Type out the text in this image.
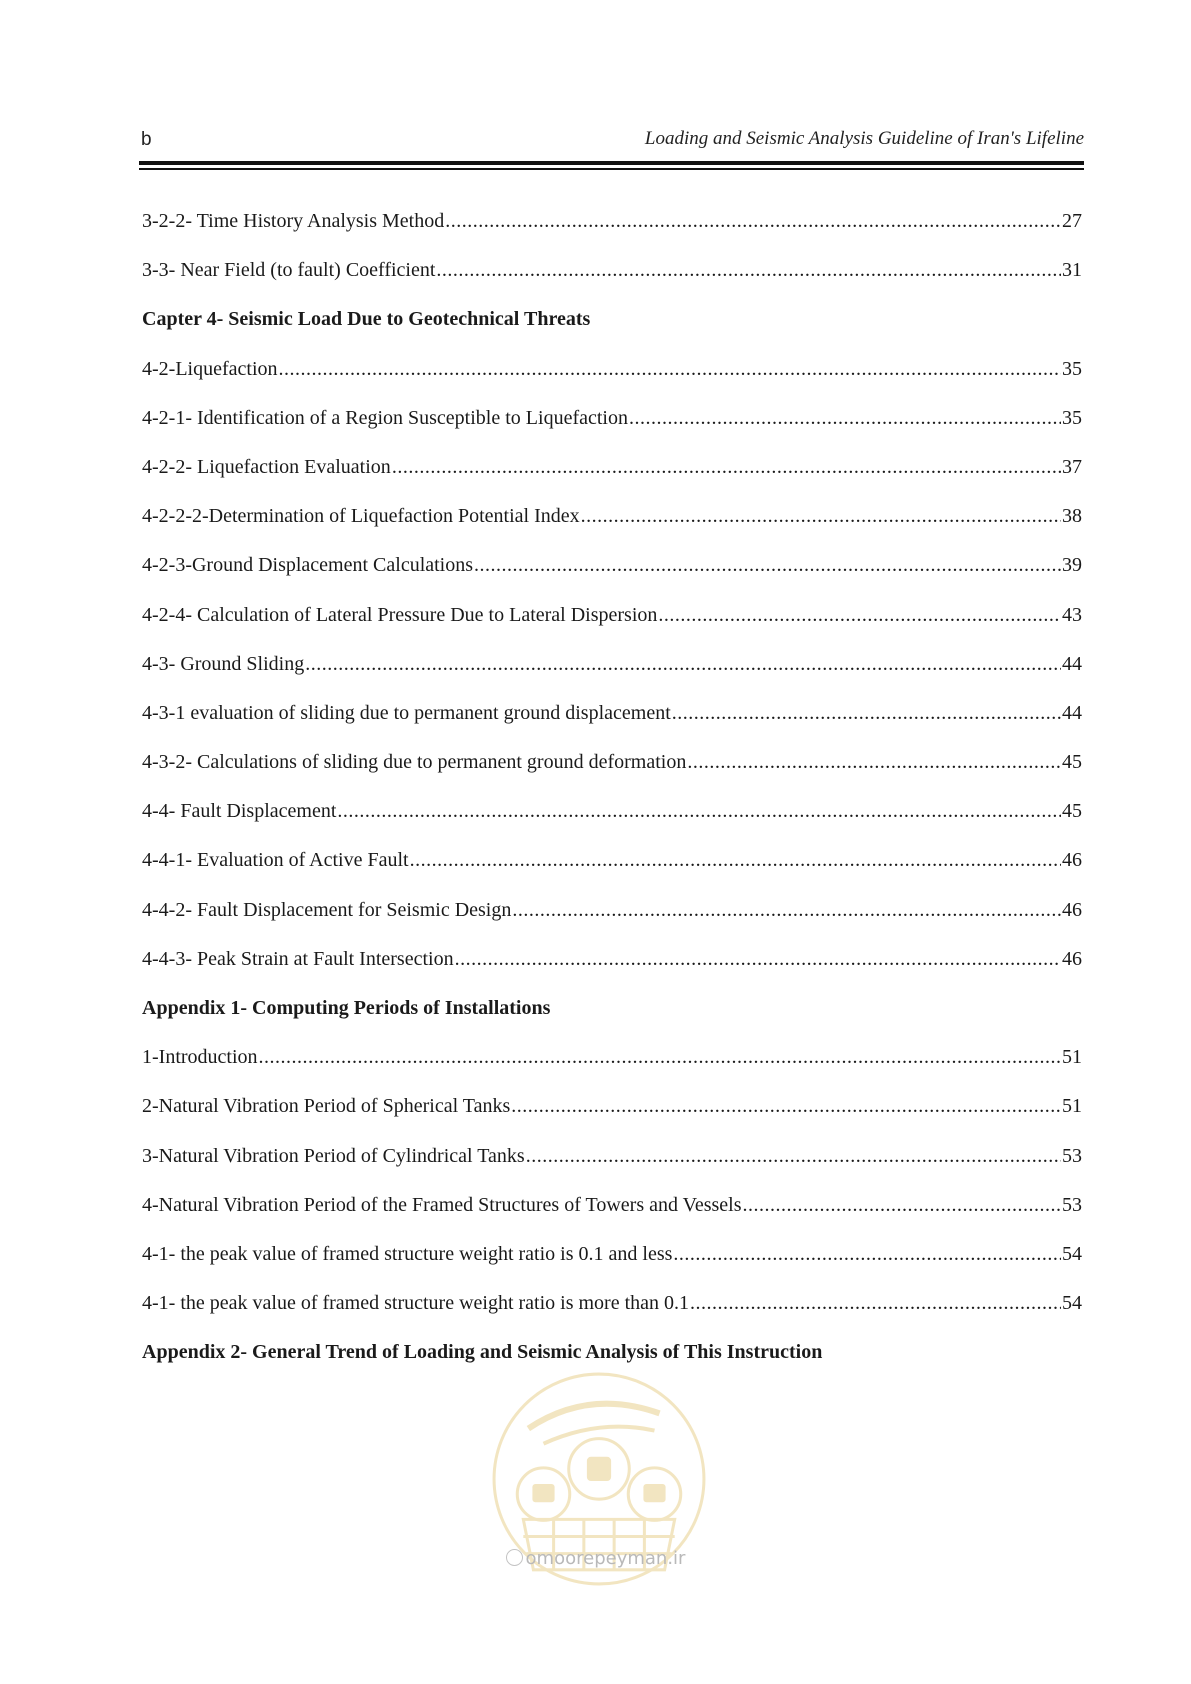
b	Loading and Seismic Analysis Guideline of Iran's Lifeline
3-2-2- Time History Analysis Method .....	27
3-3- Near Field (to fault) Coefficient .....	31
Capter 4- Seismic Load Due to Geotechnical Threats
4-2-Liquefaction .....	35
4-2-1- Identification of a Region Susceptible to Liquefaction .....	35
4-2-2- Liquefaction Evaluation .....	37
4-2-2-2-Determination of Liquefaction Potential Index .....	38
4-2-3-Ground Displacement Calculations .....	39
4-2-4- Calculation of Lateral Pressure Due to Lateral Dispersion .....	43
4-3- Ground Sliding .....	44
4-3-1 evaluation of sliding due to permanent ground displacement .....	44
4-3-2- Calculations of sliding due to permanent ground deformation .....	45
4-4- Fault Displacement .....	45
4-4-1- Evaluation of Active Fault .....	46
4-4-2- Fault Displacement for Seismic Design .....	46
4-4-3- Peak Strain at Fault Intersection .....	46
Appendix 1- Computing Periods of Installations
1-Introduction .....	51
2-Natural Vibration Period of Spherical Tanks .....	51
3-Natural Vibration Period of Cylindrical Tanks .....	53
4-Natural Vibration Period of the Framed Structures of Towers and Vessels .....	53
4-1- the peak value of framed structure weight ratio is 0.1 and less .....	54
4-1- the peak value of framed structure weight ratio is more than 0.1 .....	54
Appendix 2- General Trend of Loading and Seismic Analysis of This Instruction
omoorepeyman.ir
